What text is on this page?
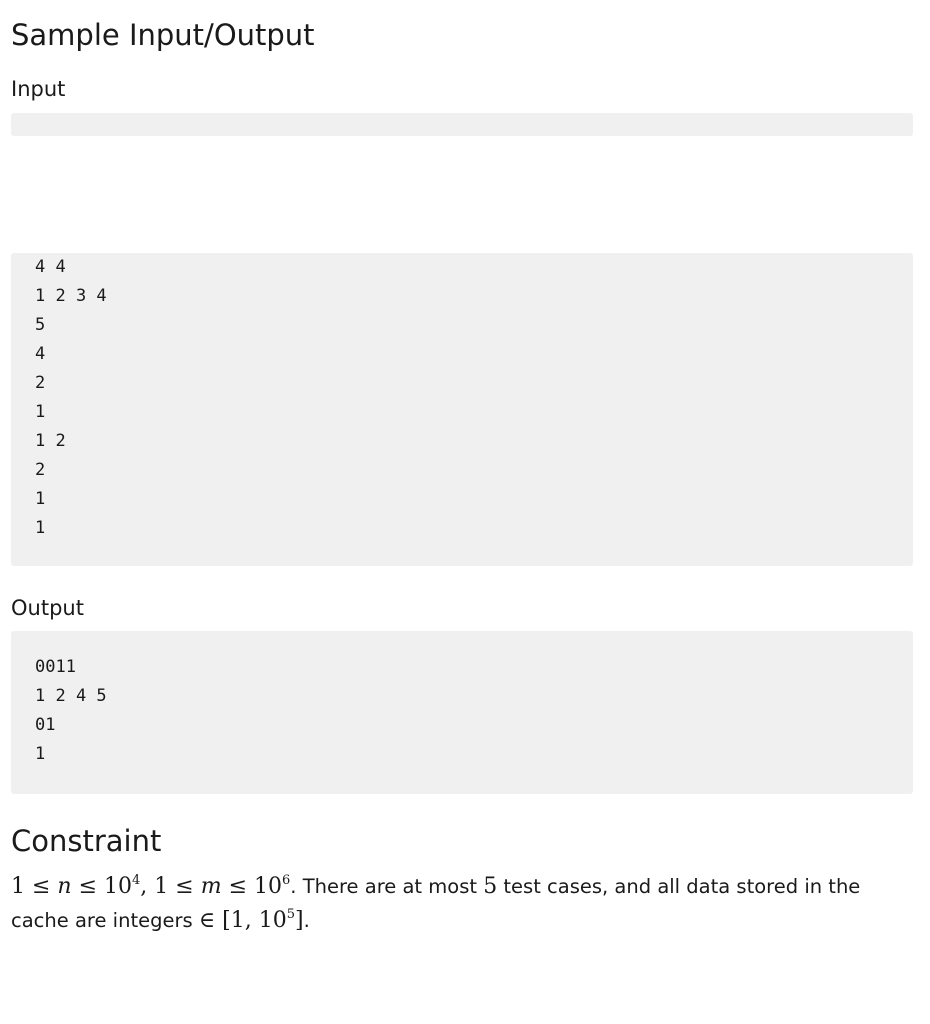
Sample Input/Output
Input

4 4

1 2 3 4

5

4

2

1

1 2

2

1

1

Output

0011

1 2 4 5

01

1

Constraint

$1 \le n \le 10^4$, $1 \le m \le 10^6$. There are at most 5 test cases, and all data stored in the cache are integers ∈ [1, $10^5$].
